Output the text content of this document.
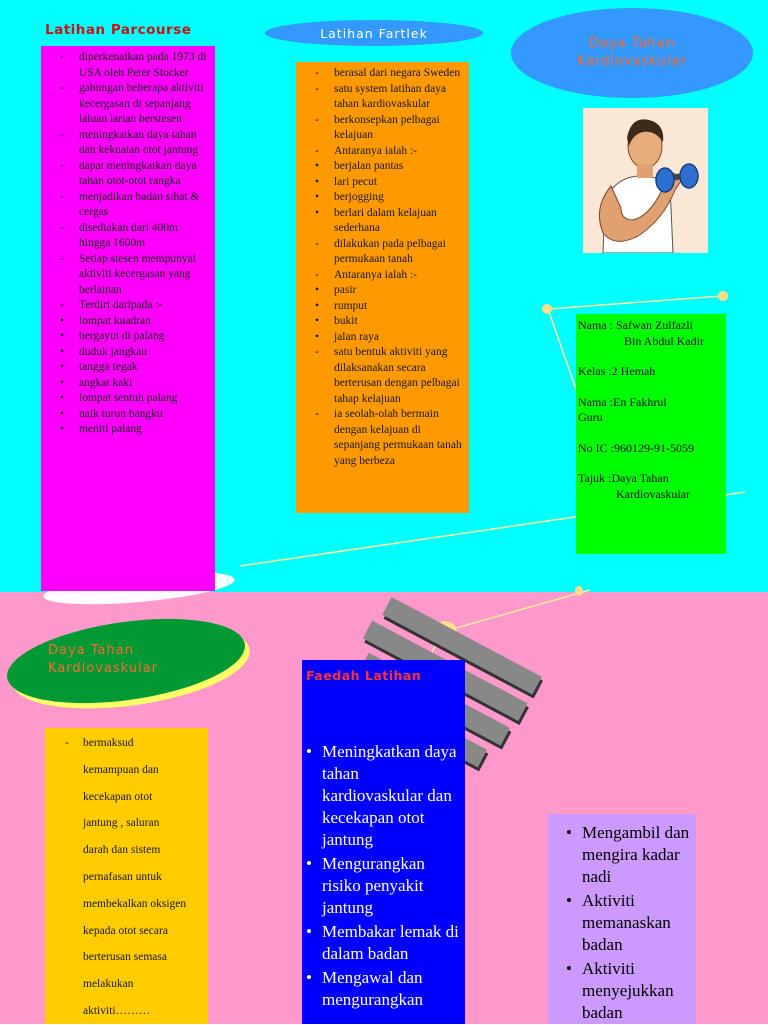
Latihan Parcourse
-	diperkenalkan pada 1973 di USA oleh Peter Stocker
-	gabungan beberapa aktiviti kecergasan di sepanjang laluan larian berstesen
-	meningkatkan daya tahan dan kekuatan otot jantung
-	dapat meningkatkan daya tahan otot-otot rangka
-	menjadikan badan sihat & cergas
-	disediakan dari 400m hingga 1600m
-	Setiap stesen mempunyai aktiviti kecergasan yang berlainan
-	Terdiri daripada :-
•	lompat kuadran
•	bergayut di palang
•	duduk jangkau
•	tangga tegak
•	angkat kaki
•	lompat sentuh palang
•	naik turun bangku
•	meniti palang
Latihan Fartlek
-	berasal dari negara Sweden
-	satu system latihan daya tahan kardiovaskular
-	berkonsepkan pelbagai kelajuan
-	Antaranya ialah :-
•	berjalan pantas
•	lari pecut
•	berjogging
•	berlari dalam kelajuan sederhana
-	dilakukan pada pelbagai permukaan tanah
-	Antaranya ialah :-
•	pasir
•	rumput
•	bukit
•	jalan raya
-	satu bentuk aktiviti yang dilaksanakan secara berterusan dengan pelbagai tahap kelajuan
-	ia seolah-olah bermain dengan kelajuan di sepanjang permukaan tanah yang berbeza
Daya Tahan Kardiovaskular

Nama : Safwan Zulfazli

Bin Abdul Kadir

Kelas :2 Hemah

Nama :En Fakhrul

Guru

No IC :960129-91-5059

Tajuk :Daya Tahan

Kardiovaskular

Daya Tahan Kardiovaskular
- bermaksud
kemampuan dan
kecekapan otot
jantung , saluran
darah dan sistem
pernafasan untuk
membekalkan oksigen
kepada otot secara
berterusan semasa
melakukan
aktiviti………
Faedah Latihan
• Meningkatkan daya tahan kardiovaskular dan kecekapan otot jantung
• Mengurangkan risiko penyakit jantung
• Membakar lemak di dalam badan
• Mengawal dan mengurangkan
• Mengambil dan mengira kadar nadi
• Aktiviti memanaskan badan
• Aktiviti menyejukkan badan
